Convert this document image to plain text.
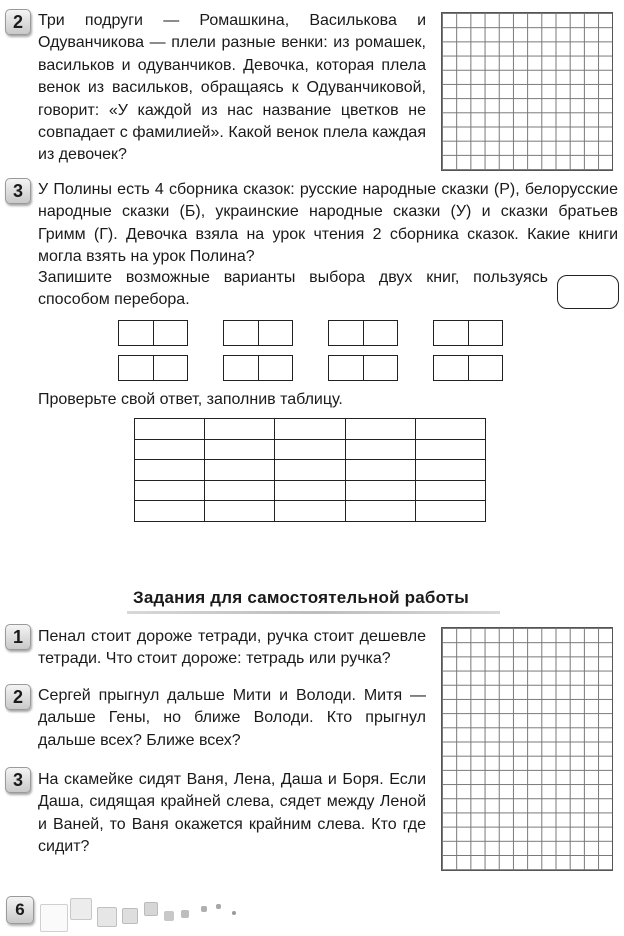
2 Три подруги — Ромашкина, Василькова и Одуванчикова — плели разные венки: из ромашек, васильков и одуванчиков. Девочка, которая плела венок из васильков, обращаясь к Одуванчиковой, говорит: «У каждой из нас название цветков не совпадает с фамилией». Какой венок плела каждая из девочек?
3 У Полины есть 4 сборника сказок: русские народные сказки (Р), белорусские народные сказки (Б), украинские народные сказки (У) и сказки братьев Гримм (Г). Девочка взяла на урок чтения 2 сборника сказок. Какие книги могла взять на урок Полина?
Запишите возможные варианты выбора двух книг, пользуясь способом перебора.
Проверьте свой ответ, заполнив таблицу.

Задания для самостоятельной работы
1 Пенал стоит дороже тетради, ручка стоит дешевле тетради. Что стоит дороже: тетрадь или ручка?
2 Сергей прыгнул дальше Мити и Володи. Митя — дальше Гены, но ближе Володи. Кто прыгнул дальше всех? Ближе всех?
3 На скамейке сидят Ваня, Лена, Даша и Боря. Если Даша, сидящая крайней слева, сядет между Леной и Ваней, то Ваня окажется крайним слева. Кто где сидит?
6
